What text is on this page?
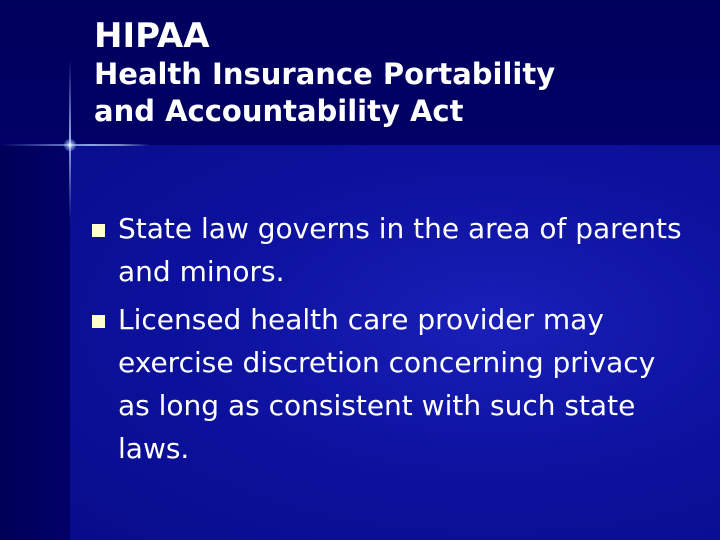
HIPAA
Health Insurance Portability
and Accountability Act
State law governs in the area of parents and minors.
Licensed health care provider may exercise discretion concerning privacy as long as consistent with such state laws.
